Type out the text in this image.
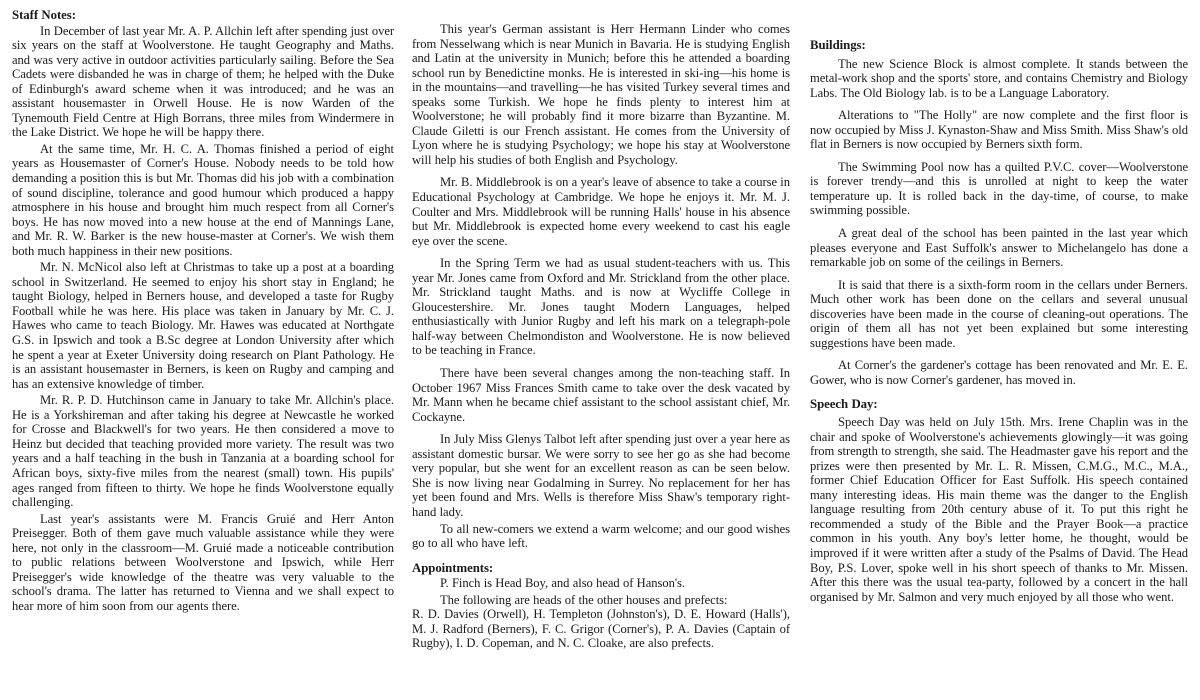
Staff Notes:

In December of last year Mr. A. P. Allchin left after spending just over six years on the staff at Woolverstone. He taught Geography and Maths. and was very active in outdoor activities particularly sailing. Before the Sea Cadets were disbanded he was in charge of them; he helped with the Duke of Edinburgh's award scheme when it was introduced; and he was an assistant housemaster in Orwell House. He is now Warden of the Tynemouth Field Centre at High Borrans, three miles from Windermere in the Lake District. We hope he will be happy there.

At the same time, Mr. H. C. A. Thomas finished a period of eight years as Housemaster of Corner's House. Nobody needs to be told how demanding a position this is but Mr. Thomas did his job with a combination of sound discipline, tolerance and good humour which produced a happy atmosphere in his house and brought him much respect from all Corner's boys. He has now moved into a new house at the end of Mannings Lane, and Mr. R. W. Barker is the new house-master at Corner's. We wish them both much happiness in their new positions.

Mr. N. McNicol also left at Christmas to take up a post at a boarding school in Switzerland. He seemed to enjoy his short stay in England; he taught Biology, helped in Berners house, and developed a taste for Rugby Football while he was here. His place was taken in January by Mr. C. J. Hawes who came to teach Biology. Mr. Hawes was educated at Northgate G.S. in Ipswich and took a B.Sc degree at London University after which he spent a year at Exeter University doing research on Plant Pathology. He is an assistant housemaster in Berners, is keen on Rugby and camping and has an extensive knowledge of timber.

Mr. R. P. D. Hutchinson came in January to take Mr. Allchin's place. He is a Yorkshireman and after taking his degree at Newcastle he worked for Crosse and Blackwell's for two years. He then considered a move to Heinz but decided that teaching provided more variety. The result was two years and a half teaching in the bush in Tanzania at a boarding school for African boys, sixty-five miles from the nearest (small) town. His pupils' ages ranged from fifteen to thirty. We hope he finds Woolverstone equally challenging.

Last year's assistants were M. Francis Gruié and Herr Anton Preisegger. Both of them gave much valuable assistance while they were here, not only in the classroom—M. Gruié made a noticeable contribution to public relations between Woolverstone and Ipswich, while Herr Preisegger's wide knowledge of the theatre was very valuable to the school's drama. The latter has returned to Vienna and we shall expect to hear more of him soon from our agents there.

This year's German assistant is Herr Hermann Linder who comes from Nesselwang which is near Munich in Bavaria. He is studying English and Latin at the university in Munich; before this he attended a boarding school run by Benedictine monks. He is interested in ski-ing—his home is in the mountains—and travelling—he has visited Turkey several times and speaks some Turkish. We hope he finds plenty to interest him at Woolverstone; he will probably find it more bizarre than Byzantine. M. Claude Giletti is our French assistant. He comes from the University of Lyon where he is studying Psychology; we hope his stay at Woolverstone will help his studies of both English and Psychology.

Mr. B. Middlebrook is on a year's leave of absence to take a course in Educational Psychology at Cambridge. We hope he enjoys it. Mr. M. J. Coulter and Mrs. Middlebrook will be running Halls' house in his absence but Mr. Middlebrook is expected home every weekend to cast his eagle eye over the scene.

In the Spring Term we had as usual student-teachers with us. This year Mr. Jones came from Oxford and Mr. Strickland from the other place. Mr. Strickland taught Maths. and is now at Wycliffe College in Gloucestershire. Mr. Jones taught Modern Languages, helped enthusiastically with Junior Rugby and left his mark on a telegraph-pole half-way between Chelmondiston and Woolverstone. He is now believed to be teaching in France.

There have been several changes among the non-teaching staff. In October 1967 Miss Frances Smith came to take over the desk vacated by Mr. Mann when he became chief assistant to the school assistant chief, Mr. Cockayne.

In July Miss Glenys Talbot left after spending just over a year here as assistant domestic bursar. We were sorry to see her go as she had become very popular, but she went for an excellent reason as can be seen below. She is now living near Godalming in Surrey. No replacement for her has yet been found and Mrs. Wells is therefore Miss Shaw's temporary right-hand lady.

To all new-comers we extend a warm welcome; and our good wishes go to all who have left.

Appointments:

P. Finch is Head Boy, and also head of Hanson's.

The following are heads of the other houses and prefects:

R. D. Davies (Orwell), H. Templeton (Johnston's), D. E. Howard (Halls'), M. J. Radford (Berners), F. C. Grigor (Corner's), P. A. Davies (Captain of Rugby), I. D. Copeman, and N. C. Cloake, are also prefects.

Buildings:

The new Science Block is almost complete. It stands between the metal-work shop and the sports' store, and contains Chemistry and Biology Labs. The Old Biology lab. is to be a Language Laboratory.

Alterations to "The Holly" are now complete and the first floor is now occupied by Miss J. Kynaston-Shaw and Miss Smith. Miss Shaw's old flat in Berners is now occupied by Berners sixth form.

The Swimming Pool now has a quilted P.V.C. cover—Woolverstone is forever trendy—and this is unrolled at night to keep the water temperature up. It is rolled back in the day-time, of course, to make swimming possible.

A great deal of the school has been painted in the last year which pleases everyone and East Suffolk's answer to Michelangelo has done a remarkable job on some of the ceilings in Berners.

It is said that there is a sixth-form room in the cellars under Berners. Much other work has been done on the cellars and several unusual discoveries have been made in the course of cleaning-out operations. The origin of them all has not yet been explained but some interesting suggestions have been made.

At Corner's the gardener's cottage has been renovated and Mr. E. E. Gower, who is now Corner's gardener, has moved in.

Speech Day:

Speech Day was held on July 15th. Mrs. Irene Chaplin was in the chair and spoke of Woolverstone's achievements glowingly—it was going from strength to strength, she said. The Headmaster gave his report and the prizes were then presented by Mr. L. R. Missen, C.M.G., M.C., M.A., former Chief Education Officer for East Suffolk. His speech contained many interesting ideas. His main theme was the danger to the English language resulting from 20th century abuse of it. To put this right he recommended a study of the Bible and the Prayer Book—a practice common in his youth. Any boy's letter home, he thought, would be improved if it were written after a study of the Psalms of David. The Head Boy, P.S. Lover, spoke well in his short speech of thanks to Mr. Missen. After this there was the usual tea-party, followed by a concert in the hall organised by Mr. Salmon and very much enjoyed by all those who went.
